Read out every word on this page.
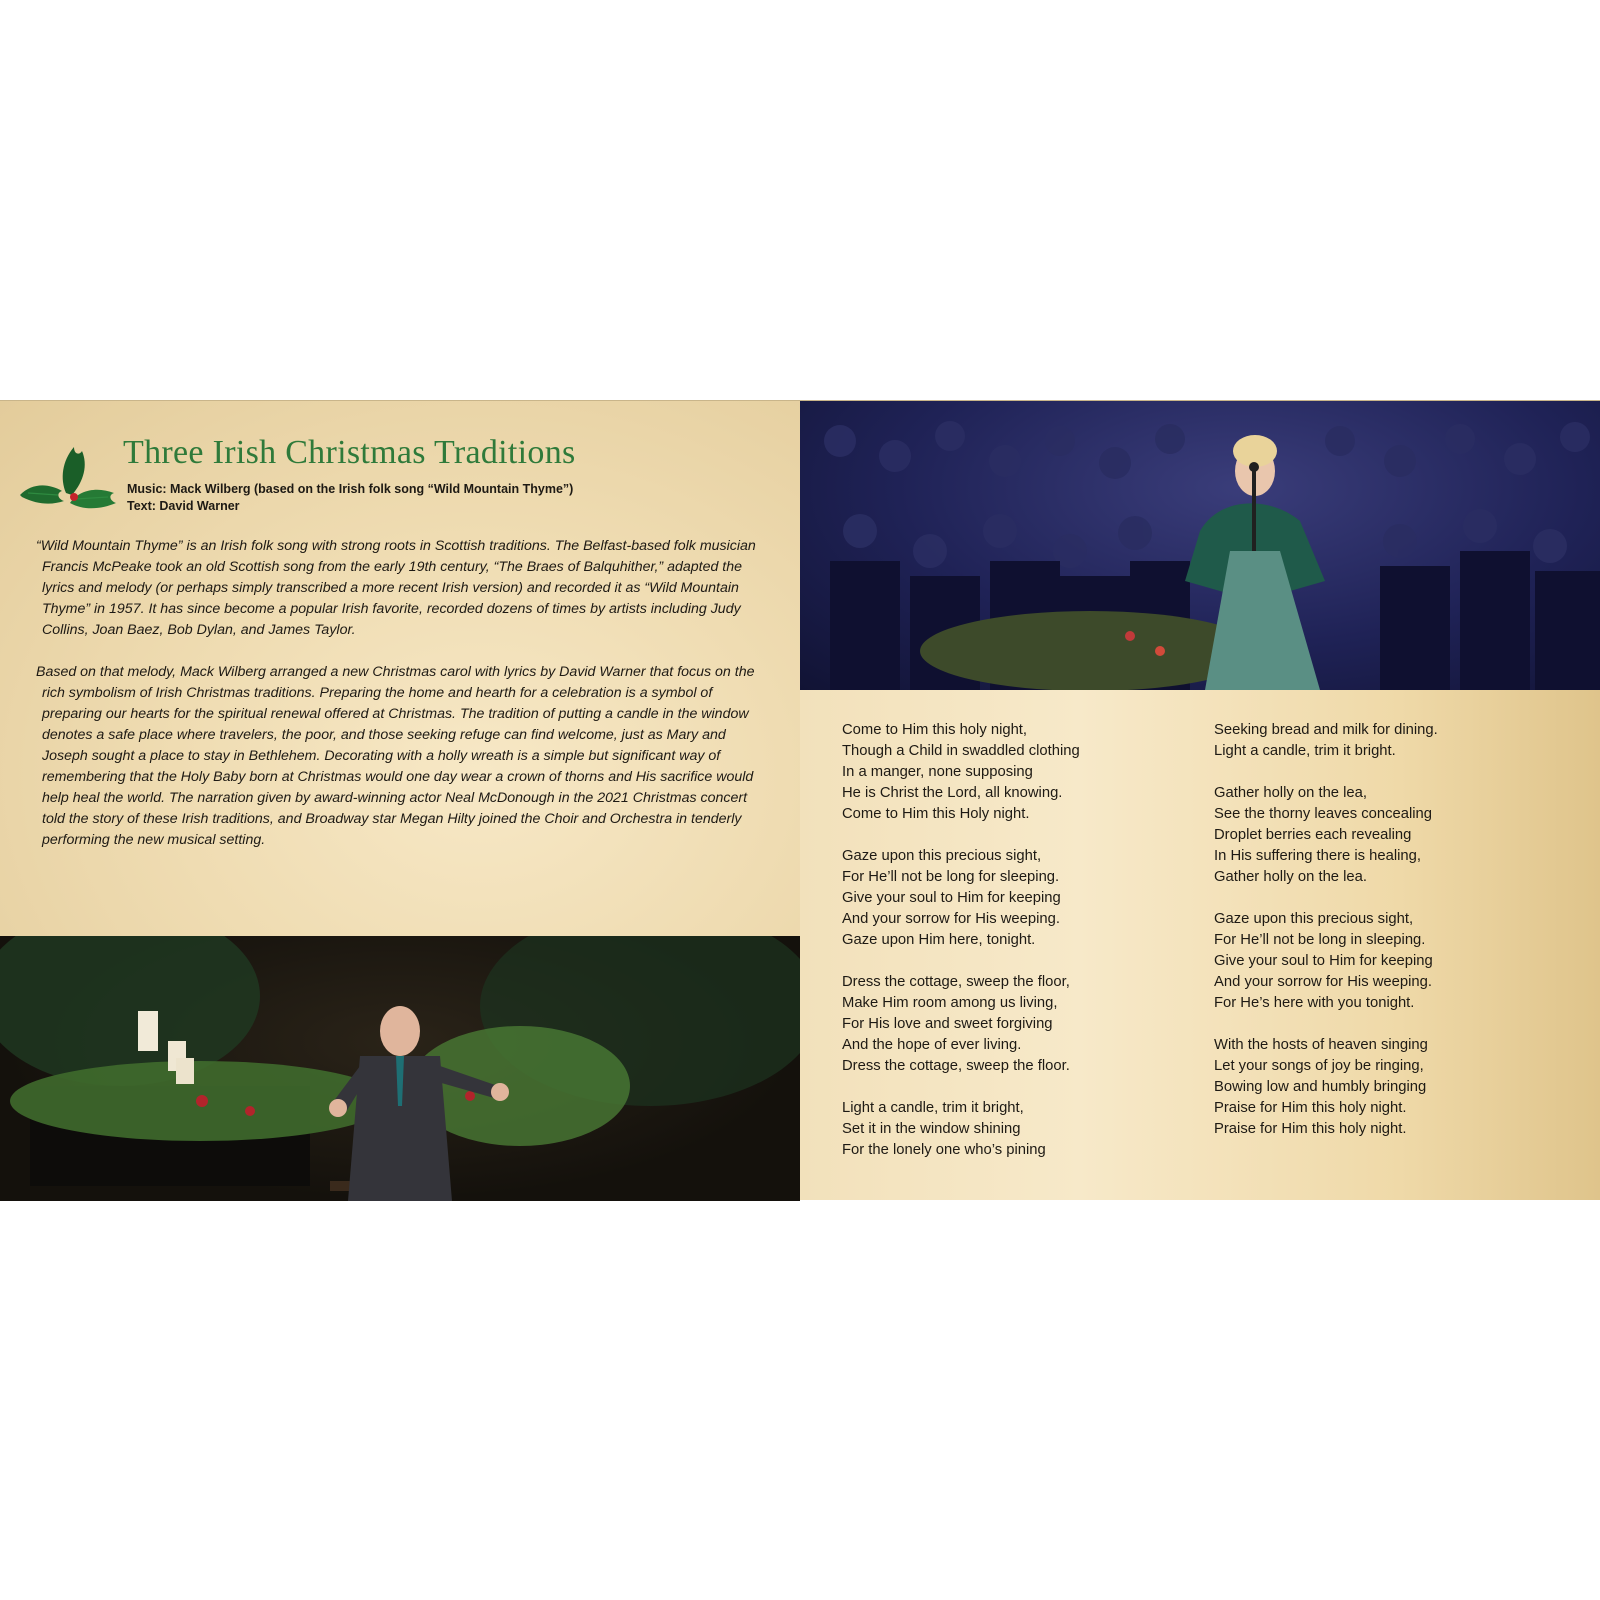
Three Irish Christmas Traditions
Music: Mack Wilberg (based on the Irish folk song “Wild Mountain Thyme”)
Text: David Warner

“Wild Mountain Thyme” is an Irish folk song with strong roots in Scottish traditions. The Belfast-based folk musician Francis McPeake took an old Scottish song from the early 19th century, “The Braes of Balquhither,” adapted the lyrics and melody (or perhaps simply transcribed a more recent Irish version) and recorded it as “Wild Mountain Thyme” in 1957. It has since become a popular Irish favorite, recorded dozens of times by artists including Judy Collins, Joan Baez, Bob Dylan, and James Taylor.

Based on that melody, Mack Wilberg arranged a new Christmas carol with lyrics by David Warner that focus on the rich symbolism of Irish Christmas traditions. Preparing the home and hearth for a celebration is a symbol of preparing our hearts for the spiritual renewal offered at Christmas. The tradition of putting a candle in the window denotes a safe place where travelers, the poor, and those seeking refuge can find welcome, just as Mary and Joseph sought a place to stay in Bethlehem. Decorating with a holly wreath is a simple but significant way of remembering that the Holy Baby born at Christmas would one day wear a crown of thorns and His sacrifice would help heal the world. The narration given by award-winning actor Neal McDonough in the 2021 Christmas concert told the story of these Irish traditions, and Broadway star Megan Hilty joined the Choir and Orchestra in tenderly performing the new musical setting.

Come to Him this holy night,
Though a Child in swaddled clothing
In a manger, none supposing
He is Christ the Lord, all knowing.
Come to Him this Holy night.
Gaze upon this precious sight,
For He’ll not be long for sleeping.
Give your soul to Him for keeping
And your sorrow for His weeping.
Gaze upon Him here, tonight.
Dress the cottage, sweep the floor,
Make Him room among us living,
For His love and sweet forgiving
And the hope of ever living.
Dress the cottage, sweep the floor.
Light a candle, trim it bright,
Set it in the window shining
For the lonely one who’s pining
Seeking bread and milk for dining.
Light a candle, trim it bright.
Gather holly on the lea,
See the thorny leaves concealing
Droplet berries each revealing
In His suffering there is healing,
Gather holly on the lea.
Gaze upon this precious sight,
For He’ll not be long in sleeping.
Give your soul to Him for keeping
And your sorrow for His weeping.
For He’s here with you tonight.
With the hosts of heaven singing
Let your songs of joy be ringing,
Bowing low and humbly bringing
Praise for Him this holy night.
Praise for Him this holy night.
